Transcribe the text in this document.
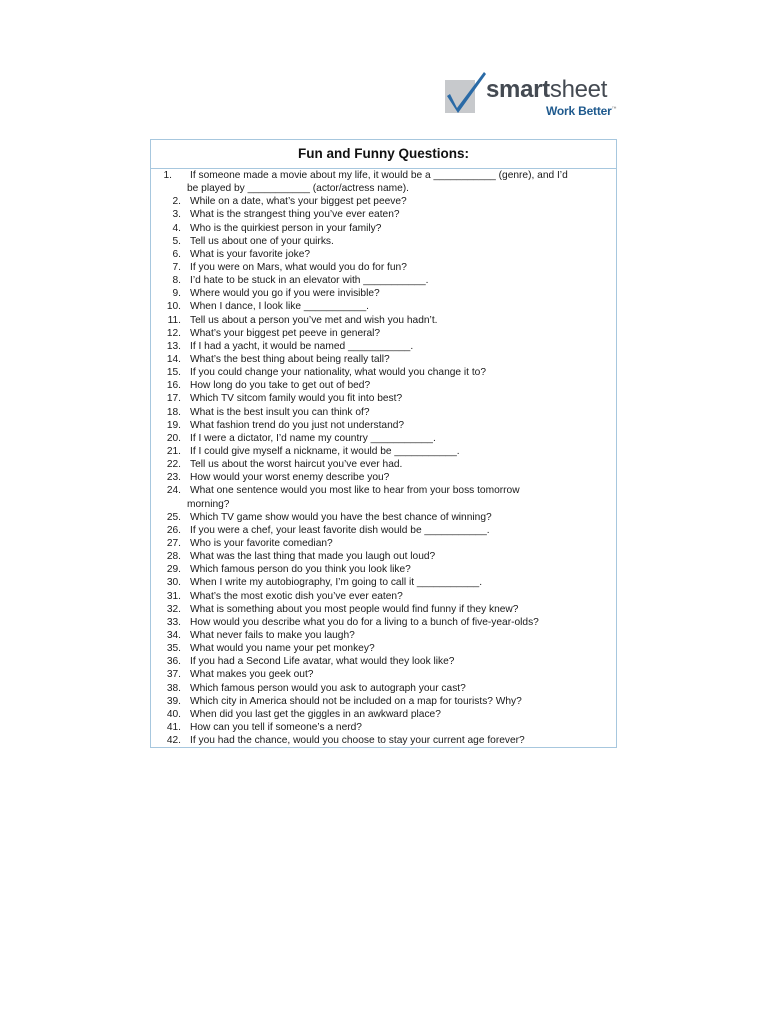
smartsheet
Work Better™
Fun and Funny Questions:
1. If someone made a movie about my life, it would be a ___________ (genre), and I’d
be played by ___________ (actor/actress name).
2. While on a date, what’s your biggest pet peeve?
3. What is the strangest thing you’ve ever eaten?
4. Who is the quirkiest person in your family?
5. Tell us about one of your quirks.
6. What is your favorite joke?
7. If you were on Mars, what would you do for fun?
8. I’d hate to be stuck in an elevator with ___________.
9. Where would you go if you were invisible?
10. When I dance, I look like ___________.
11. Tell us about a person you’ve met and wish you hadn’t.
12. What’s your biggest pet peeve in general?
13. If I had a yacht, it would be named ___________.
14. What’s the best thing about being really tall?
15. If you could change your nationality, what would you change it to?
16. How long do you take to get out of bed?
17. Which TV sitcom family would you fit into best?
18. What is the best insult you can think of?
19. What fashion trend do you just not understand?
20. If I were a dictator, I’d name my country ___________.
21. If I could give myself a nickname, it would be ___________.
22. Tell us about the worst haircut you’ve ever had.
23. How would your worst enemy describe you?
24. What one sentence would you most like to hear from your boss tomorrow
morning?
25. Which TV game show would you have the best chance of winning?
26. If you were a chef, your least favorite dish would be ___________.
27. Who is your favorite comedian?
28. What was the last thing that made you laugh out loud?
29. Which famous person do you think you look like?
30. When I write my autobiography, I’m going to call it ___________.
31. What’s the most exotic dish you’ve ever eaten?
32. What is something about you most people would find funny if they knew?
33. How would you describe what you do for a living to a bunch of five-year-olds?
34. What never fails to make you laugh?
35. What would you name your pet monkey?
36. If you had a Second Life avatar, what would they look like?
37. What makes you geek out?
38. Which famous person would you ask to autograph your cast?
39. Which city in America should not be included on a map for tourists? Why?
40. When did you last get the giggles in an awkward place?
41. How can you tell if someone’s a nerd?
42. If you had the chance, would you choose to stay your current age forever?
